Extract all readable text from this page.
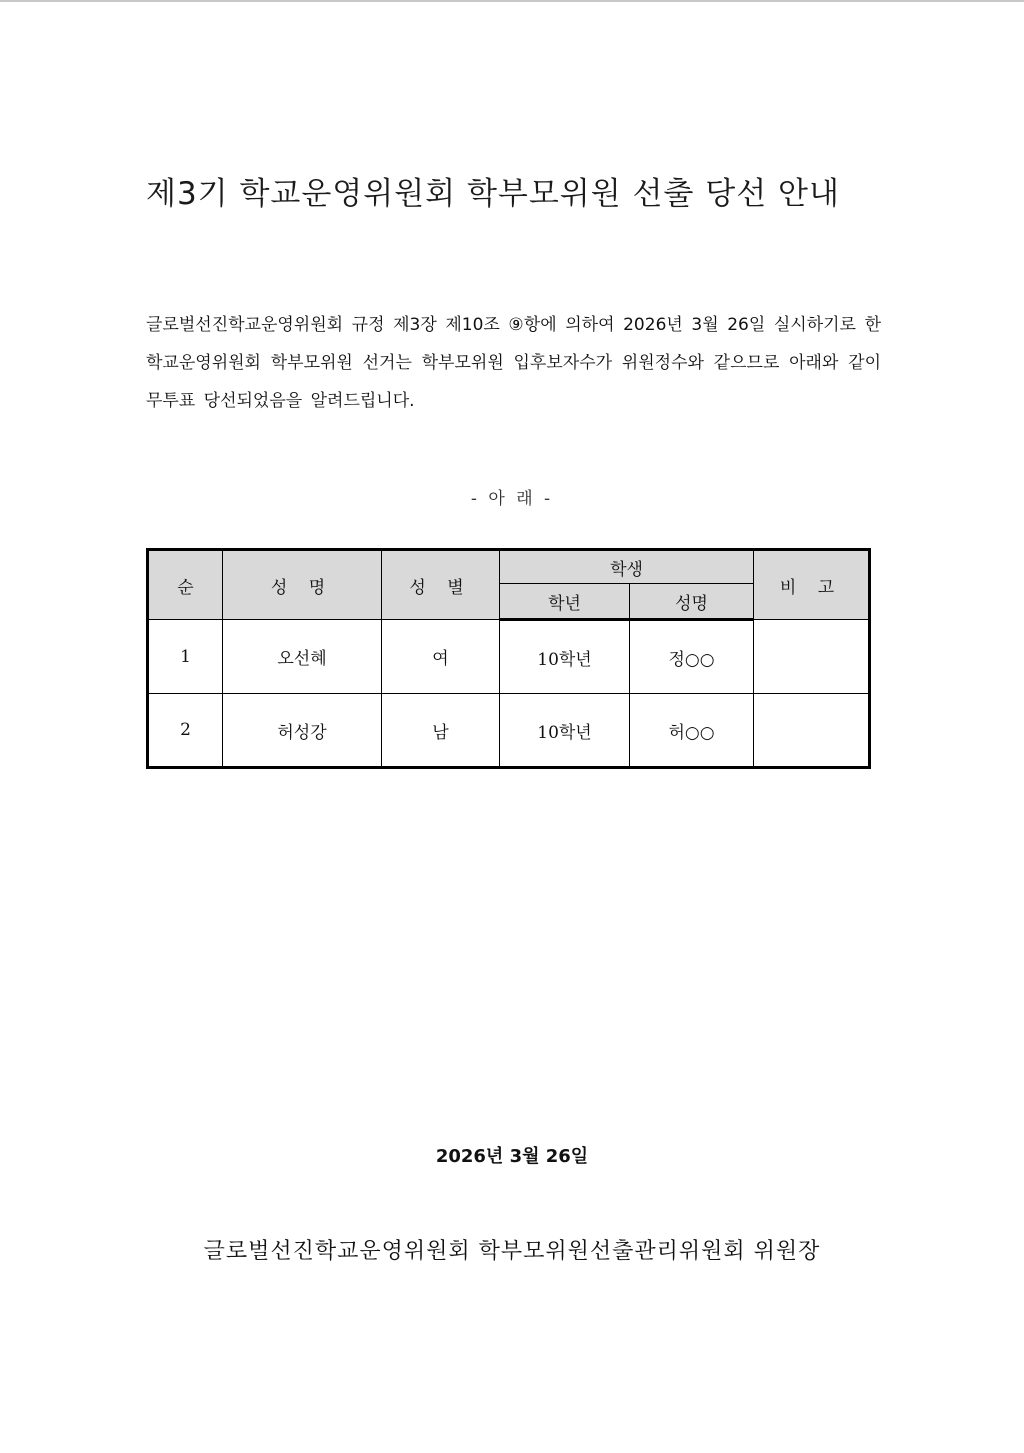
제3기 학교운영위원회 학부모위원 선출 당선 안내
글로벌선진학교운영위원회 규정 제3장 제10조 ⑨항에 의하여 2026년 3월 26일 실시하기로 한 학교운영위원회 학부모위원 선거는 학부모위원 입후보자수가 위원정수와 같으므로 아래와 같이 무투표 당선되었음을 알려드립니다.
- 아 래 -
순	성 명	성 별	학생		비 고
			학년	성명	
1	오선혜	여	10학년	정○○	
2	허성강	남	10학년	허○○	
2026년 3월 26일
글로벌선진학교운영위원회 학부모위원선출관리위원회 위원장
